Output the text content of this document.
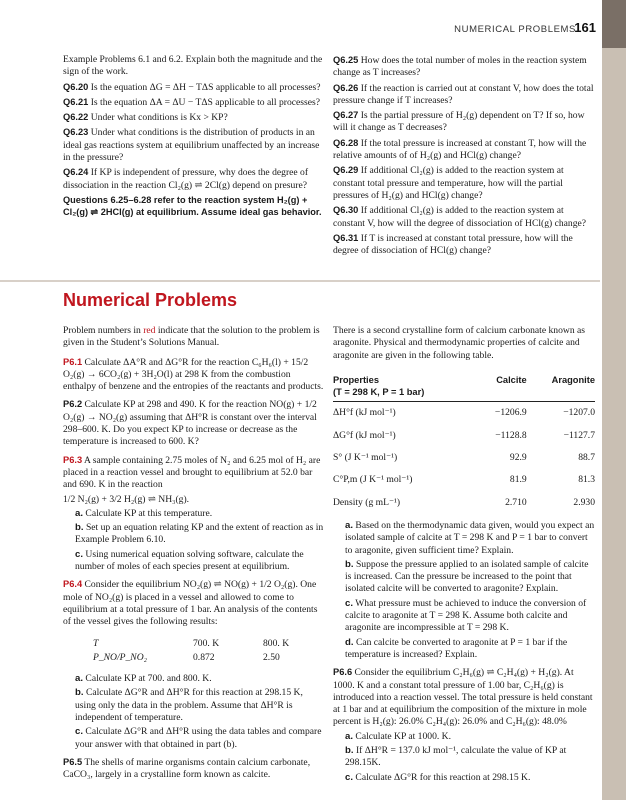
NUMERICAL PROBLEMS
161

Example Problems 6.1 and 6.2. Explain both the magnitude and the sign of the work.

Q6.20 Is the equation ΔG = ΔH − TΔS applicable to all processes?

Q6.21 Is the equation ΔA = ΔU − TΔS applicable to all processes?

Q6.22 Under what conditions is Kx > KP?

Q6.23 Under what conditions is the distribution of products in an ideal gas reactions system at equilibrium unaffected by an increase in the pressure?

Q6.24 If KP is independent of pressure, why does the degree of dissociation in the reaction Cl₂(g) ⇌ 2Cl(g) depend on presure?

Questions 6.25–6.28 refer to the reaction system H₂(g) + Cl₂(g) ⇌ 2HCl(g) at equilibrium. Assume ideal gas behavior.

Q6.25 How does the total number of moles in the reaction system change as T increases?

Q6.26 If the reaction is carried out at constant V, how does the total pressure change if T increases?

Q6.27 Is the partial pressure of H₂(g) dependent on T? If so, how will it change as T decreases?

Q6.28 If the total pressure is increased at constant T, how will the relative amounts of of H₂(g) and HCl(g) change?

Q6.29 If additional Cl₂(g) is added to the reaction system at constant total pressure and temperature, how will the partial pressures of H₂(g) and HCl(g) change?

Q6.30 If additional Cl₂(g) is added to the reaction system at constant V, how will the degree of dissociation of HCl(g) change?

Q6.31 If T is increased at constant total pressure, how will the degree of dissociation of HCl(g) change?

Numerical Problems

Problem numbers in red indicate that the solution to the problem is given in the Student’s Solutions Manual.

P6.1 Calculate ΔA°R and ΔG°R for the reaction C₆H₆(l) + 15/2 O₂(g) → 6CO₂(g) + 3H₂O(l) at 298 K from the combustion enthalpy of benzene and the entropies of the reactants and products.

P6.2 Calculate KP at 298 and 490. K for the reaction NO(g) + 1/2 O₂(g) → NO₂(g) assuming that ΔH°R is constant over the interval 298–600. K. Do you expect KP to increase or decrease as the temperature is increased to 600. K?

P6.3 A sample containing 2.75 moles of N₂ and 6.25 mol of H₂ are placed in a reaction vessel and brought to equilibrium at 52.0 bar and 690. K in the reaction

1/2 N₂(g) + 3/2 H₂(g) ⇌ NH₃(g).

a. Calculate KP at this temperature.

b. Set up an equation relating KP and the extent of reaction as in Example Problem 6.10.

c. Using numerical equation solving software, calculate the number of moles of each species present at equilibrium.

P6.4 Consider the equilibrium NO₂(g) ⇌ NO(g) + 1/2 O₂(g). One mole of NO₂(g) is placed in a vessel and allowed to come to equilibrium at a total pressure of 1 bar. An analysis of the contents of the vessel gives the following results:

T	700. K	800. K
P_NO/P_NO₂	0.872	2.50

a. Calculate KP at 700. and 800. K.

b. Calculate ΔG°R and ΔH°R for this reaction at 298.15 K, using only the data in the problem. Assume that ΔH°R is independent of temperature.

c. Calculate ΔG°R and ΔH°R using the data tables and compare your answer with that obtained in part (b).

P6.5 The shells of marine organisms contain calcium carbonate, CaCO₃, largely in a crystalline form known as calcite.

There is a second crystalline form of calcium carbonate known as aragonite. Physical and thermodynamic properties of calcite and aragonite are given in the following table.

Properties
(T = 298 K, P = 1 bar)	Calcite	Aragonite
ΔH°f (kJ mol⁻¹)	−1206.9	−1207.0
ΔG°f (kJ mol⁻¹)	−1128.8	−1127.7
S° (J K⁻¹ mol⁻¹)	92.9	88.7
C°P,m (J K⁻¹ mol⁻¹)	81.9	81.3
Density (g mL⁻¹)	2.710	2.930

a. Based on the thermodynamic data given, would you expect an isolated sample of calcite at T = 298 K and P = 1 bar to convert to aragonite, given sufficient time? Explain.

b. Suppose the pressure applied to an isolated sample of calcite is increased. Can the pressure be increased to the point that isolated calcite will be converted to aragonite? Explain.

c. What pressure must be achieved to induce the conversion of calcite to aragonite at T = 298 K. Assume both calcite and aragonite are incompressible at T = 298 K.

d. Can calcite be converted to aragonite at P = 1 bar if the temperature is increased? Explain.

P6.6 Consider the equilibrium C₂H₆(g) ⇌ C₂H₄(g) + H₂(g). At 1000. K and a constant total pressure of 1.00 bar, C₂H₆(g) is introduced into a reaction vessel. The total pressure is held constant at 1 bar and at equilibrium the composition of the mixture in mole percent is H₂(g): 26.0% C₂H₄(g): 26.0% and C₂H₆(g): 48.0%

a. Calculate KP at 1000. K.

b. If ΔH°R = 137.0 kJ mol⁻¹, calculate the value of KP at 298.15K.

c. Calculate ΔG°R for this reaction at 298.15 K.
